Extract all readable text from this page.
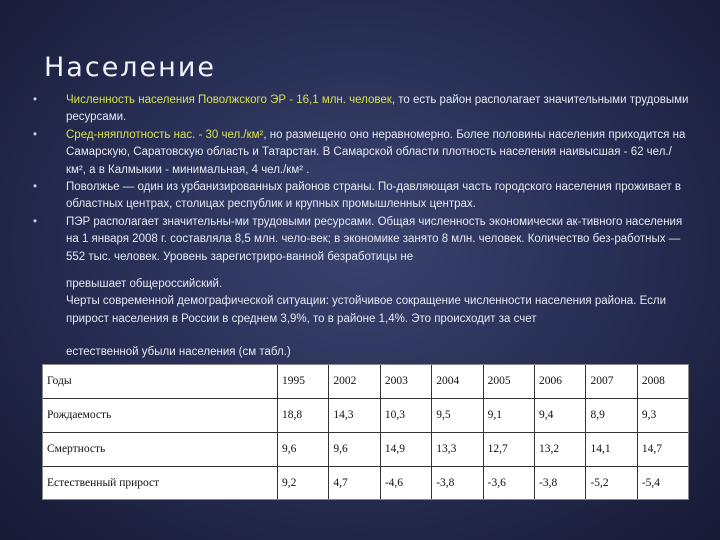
Население
•	Численность населения Поволжского ЭР - 16,1 млн. человек, то есть район располагает значительными трудовыми ресурсами.
•	Сред-няяплотность нас. - 30 чел./км², но размещено оно неравномерно. Более половины населения приходится на Самарскую, Саратовскую область и Татарстан. В Самарской области плотность населения наивысшая - 62 чел./км², а в Калмыкии - минимальная, 4 чел./км² .
•	Поволжье — один из урбанизированных районов страны. По-давляющая часть городского населения проживает в областных центрах, столицах республик и крупных промышленных центрах.
•	ПЭР располагает значительны-ми трудовыми ресурсами. Общая численность экономически ак-тивного населения на 1 января 2008 г. составляла 8,5 млн. чело-век; в экономике занято 8 млн. человек. Количество без-работных — 552 тыс. человек. Уровень зарегистриро-ванной безработицы не
превышает общероссийский.
Черты современной демографической ситуации: устойчивое сокращение численности населения района. Если прирост населения в России в среднем 3,9%, то в районе 1,4%. Это происходит за счет
естественной убыли населения (см табл.)
Годы	1995	2002	2003	2004	2005	2006	2007	2008
Рождаемость	18,8	14,3	10,3	9,5	9,1	9,4	8,9	9,3
Смертность	9,6	9,6	14,9	13,3	12,7	13,2	14,1	14,7
Естественный прирост	9,2	4,7	-4,6	-3,8	-3,6	-3,8	-5,2	-5,4
